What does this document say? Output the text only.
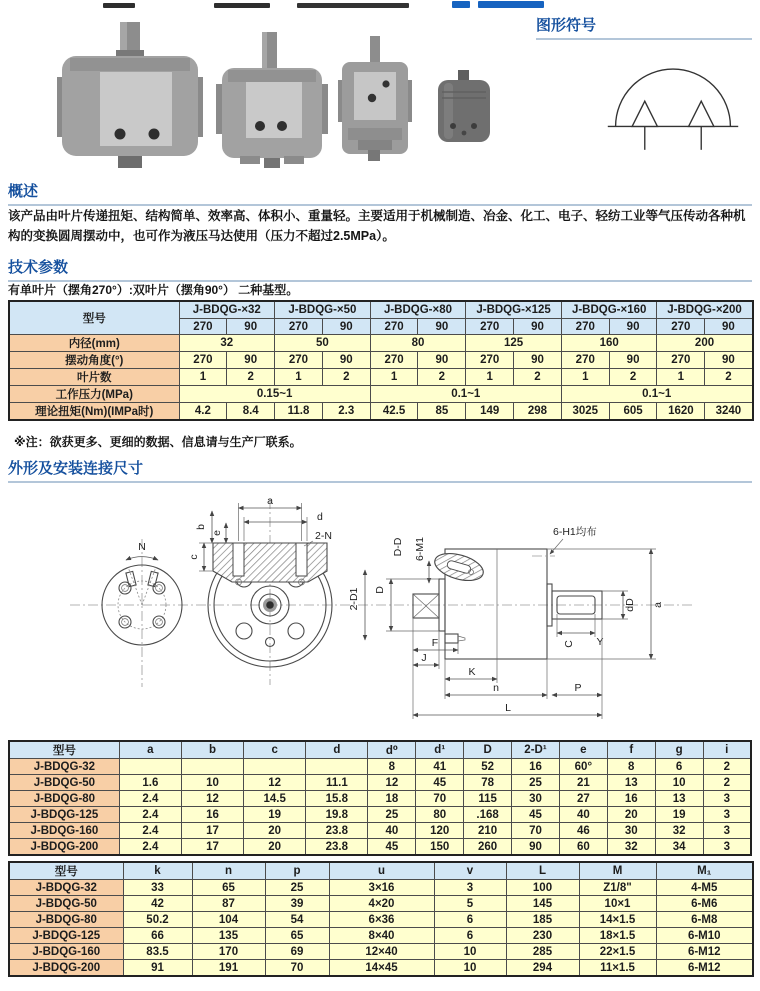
图形符号
概述

该产品由叶片传递扭矩、结构简单、效率高、体积小、重量轻。主要适用于机械制造、冶金、化工、电子、轻纺工业等气压传动各种机构的变换圆周摆动中，也可作为液压马达使用（压力不超过2.5MPa）。

技术参数
有单叶片（摆角270°）:双叶片（摆角90°） 二种基型。
型号	J-BDQG-×32		J-BDQG-×50		J-BDQG-×80		J-BDQG-×125		J-BDQG-×160		J-BDQG-×200	
	270	90	270	90	270	90	270	90	270	90	270	90
内径(mm)	32		50		80		125		160		200	
摆动角度(°)	270	90	270	90	270	90	270	90	270	90	270	90
叶片数	1	2	1	2	1	2	1	2	1	2	1	2
工作压力(MPa)	0.15~1				0.1~1				0.1~1			
理论扭矩(Nm)(IMPa时)	4.2	8.4	11.8	2.3	42.5	85	149	298	3025	605	1620	3240
※注：欲获更多、更细的数据、信息请与生产厂联系。
外形及安装连接尺寸
N
a
d
2-N
b
e
c
D-D 6-M1
D
2-D1
6-H1均布
dD a
C Y
F
J
K
n	P
L
型号	a	b	c	d	d⁰	d¹	D	2-D¹	e	f	g	i
J-BDQG-32					8	41	52	16	60°	8	6	2
J-BDQG-50	1.6	10	12	11.1	12	45	78	25	21	13	10	2
J-BDQG-80	2.4	12	14.5	15.8	18	70	115	30	27	16	13	3
J-BDQG-125	2.4	16	19	19.8	25	80	.168	45	40	20	19	3
J-BDQG-160	2.4	17	20	23.8	40	120	210	70	46	30	32	3
J-BDQG-200	2.4	17	20	23.8	45	150	260	90	60	32	34	3
型号	k	n	p	u	v	L	M	M₁
J-BDQG-32	33	65	25	3×16	3	100	Z1/8"	4-M5
J-BDQG-50	42	87	39	4×20	5	145	10×1	6-M6
J-BDQG-80	50.2	104	54	6×36	6	185	14×1.5	6-M8
J-BDQG-125	66	135	65	8×40	6	230	18×1.5	6-M10
J-BDQG-160	83.5	170	69	12×40	10	285	22×1.5	6-M12
J-BDQG-200	91	191	70	14×45	10	294	11×1.5	6-M12
